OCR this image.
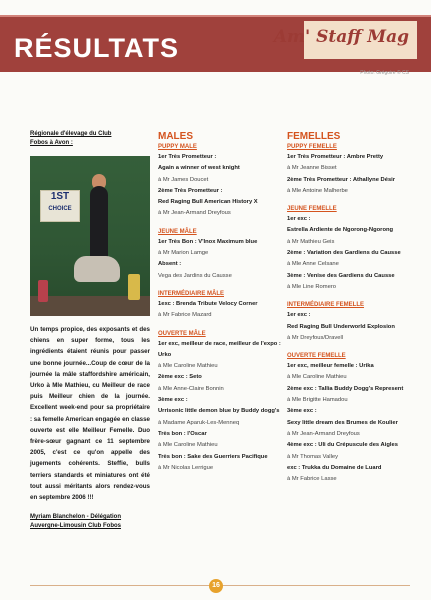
RÉSULTATS	Am' Staff Mag
Photo: Grégoire © CS
Régionale d'élevage du Club
Fobos à Avon :
1ST
CHOICE
Un temps propice, des exposants et des chiens en super forme, tous les ingrédients étaient réunis pour passer une bonne journée...Coup de cœur de la journée la mâle staffordshire américain, Urko à Mle Mathieu, cu Meilleur de race puis Meilleur chien de la journée. Excellent week-end pour sa propriétaire : sa femelle American engagée en classe ouverte est elle Meilleur Femelle. Duo frère-sœur gagnant ce 11 septembre 2005, c'est ce qu'on appelle des jugements cohérents. Steffie, bulls terriers standards et miniatures ont été tout aussi méritants alors rendez-vous en septembre 2006 !!!
Myriam Blanchelon - Délégation
Auvergne-Limousin Club Fobos
MALES
PUPPY MALE
1er Très Prometteur :
Again a winner of west knight
à Mr James Doucet
2ème Très Prometteur :
Red Raging Bull American History X
à Mr Jean-Armand Dreyfous
JEUNE MÂLE
1er Très Bon : V'Inox Maximum blue
à Mr Marion Lamge
Absent :
Vega des Jardins du Causse
INTERMÉDIAIRE MÂLE
1exc : Brenda Tribute Velocy Corner
à Mr Fabrice Mazard
OUVERTE MÂLE
1er exc, meilleur de race, meilleur de l'expo :
Urko
à Mle Caroline Mathieu
2ème exc : Seto
à Mle Anne-Claire Bonnin
3ème exc :
Urrisonic little demon blue by Buddy dogg's
à Madame Aparuk-Les-Menneq
Très bon : l'Oscar
à Mle Caroline Mathieu
Très bon : Sake des Guerriers Pacifique
à Mr Nicolas Lerrigue
FEMELLES
PUPPY FEMELLE
1er Très Prometteur : Ambre Pretty
à Mr Jeanne Bisset
2ème Très Prometteur : Athallyne Désir
à Mle Antoine Malherbe
JEUNE FEMELLE
1er exc :
Estrella Ardiente de Ngorong-Ngorong
à Mr Mathieu Geis
2ème : Variation des Gardiens du Causse
à Mle Anne Celsane
3ème : Venise des Gardiens du Causse
à Mle Line Romero
INTERMÉDIAIRE FEMELLE
1er exc :
Red Raging Bull Underworld Explosion
à Mr Dreyfous/Dravell
OUVERTE FEMELLE
1er exc, meilleur femelle : Urika
à Mle Caroline Mathieu
2ème exc : Tallia Buddy Dogg's Represent
à Mle Brigitte Hamadou
3ème exc :
Sexy little dream des Brumes de Koulier
à Mr Jean-Armand Dreyfous
4ème exc : Uli du Crépuscule des Aigles
à Mr Thomas Valley
exc : Trukka du Domaine de Luard
à Mr Fabrice Lasse
16
